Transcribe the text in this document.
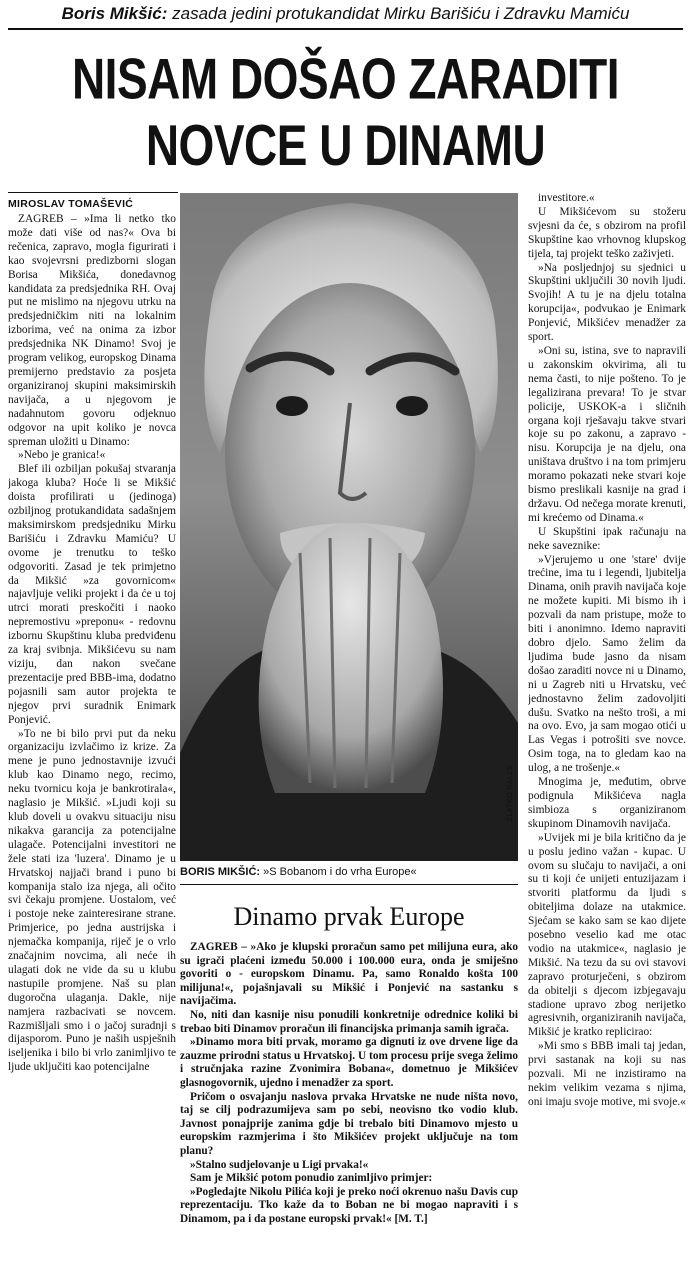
Boris Mikšić: zasada jedini protukandidat Mirku Barišiću i Zdravku Mamiću
NISAM DOŠAO ZARADITI
NOVCE U DINAMU
MIROSLAV TOMAŠEVIĆ

ZAGREB – »Ima li netko tko može dati više od nas?« Ova bi rečenica, zapravo, mogla figurirati i kao svojevrsni predizborni slogan Borisa Mikšića, donedavnog kandidata za predsjednika RH. Ovaj put ne mislimo na njegovu utrku na predsjedničkim niti na lokalnim izborima, već na onima za izbor predsjednika NK Dinamo! Svoj je program velikog, europskog Dinama premijerno predstavio za posjeta organiziranoj skupini maksimirskih navijača, a u njegovom je nadahnutom govoru odjeknuo odgovor na upit koliko je novca spreman uložiti u Dinamo:

»Nebo je granica!«

Blef ili ozbiljan pokušaj stvaranja jakoga kluba? Hoće li se Mikšić doista profilirati u (jedinoga) ozbiljnog protukandidata sadašnjem maksimirskom predsjedniku Mirku Barišiću i Zdravku Mamiću? U ovome je trenutku to teško odgovoriti. Zasad je tek primjetno da Mikšić »za govornicom« najavljuje veliki projekt i da će u toj utrci morati preskočiti i naoko nepremostivu »preponu« - redovnu izbornu Skupštinu kluba predviđenu za kraj svibnja. Mikšićevu su nam viziju, dan nakon svečane prezentacije pred BBB-ima, dodatno pojasnili sam autor projekta te njegov prvi suradnik Enimark Ponjević.

»To ne bi bilo prvi put da neku organizaciju izvlačimo iz krize. Za mene je puno jednostavnije izvući klub kao Dinamo nego, recimo, neku tvornicu koja je bankrotirala«, naglasio je Mikšić. »Ljudi koji su klub doveli u ovakvu situaciju nisu nikakva garancija za potencijalne ulagače. Potencijalni investitori ne žele stati iza 'luzera'. Dinamo je u Hrvatskoj najjači brand i puno bi kompanija stalo iza njega, ali očito svi čekaju promjene. Uostalom, već i postoje neke zainteresirane strane. Primjerice, po jedna austrijska i njemačka kompanija, riječ je o vrlo značajnim novcima, ali neće ih ulagati dok ne vide da su u klubu nastupile promjene. Naš su plan dugoročna ulaganja. Dakle, nije namjera razbacivati se novcem. Razmišljali smo i o jačoj suradnji s dijasporom. Puno je naših uspješnih iseljenika i bilo bi vrlo zanimljivo te ljude uključiti kao potencijalne

ZLATKO KALLE
BORIS MIKŠIĆ: »S Bobanom i do vrha Europe«
Dinamo prvak Europe

ZAGREB – »Ako je klupski proračun samo pet milijuna eura, ako su igrači plaćeni između 50.000 i 100.000 eura, onda je smiješno govoriti o - europskom Dinamu. Pa, samo Ronaldo košta 100 milijuna!«, pojašnjavali su Mikšić i Ponjević na sastanku s navijačima.

No, niti dan kasnije nisu ponudili konkretnije odrednice koliki bi trebao biti Dinamov proračun ili financijska primanja samih igrača.

»Dinamo mora biti prvak, moramo ga dignuti iz ove drvene lige da zauzme prirodni status u Hrvatskoj. U tom procesu prije svega želimo i stručnjaka razine Zvonimira Bobana«, dometnuo je Mikšićev glasnogovornik, ujedno i menadžer za sport.

Pričom o osvajanju naslova prvaka Hrvatske ne nude ništa novo, taj se cilj podrazumijeva sam po sebi, neovisno tko vodio klub. Javnost ponajprije zanima gdje bi trebalo biti Dinamovo mjesto u europskim razmjerima i što Mikšićev projekt uključuje na tom planu?

»Stalno sudjelovanje u Ligi prvaka!«

Sam je Mikšić potom ponudio zanimljivo primjer:

»Pogledajte Nikolu Pilića koji je preko noći okrenuo našu Davis cup reprezentaciju. Tko kaže da to Boban ne bi mogao napraviti i s Dinamom, pa i da postane europski prvak!« [M. T.]

investitore.«

U Mikšićevom su stožeru svjesni da će, s obzirom na profil Skupštine kao vrhovnog klupskog tijela, taj projekt teško zaživjeti.

»Na posljednjoj su sjednici u Skupštini uključili 30 novih ljudi. Svojih! A tu je na djelu totalna korupcija«, podvukao je Enimark Ponjević, Mikšićev menadžer za sport.

»Oni su, istina, sve to napravili u zakonskim okvirima, ali tu nema časti, to nije pošteno. To je legalizirana prevara! To je stvar policije, USKOK-a i sličnih organa koji rješavaju takve stvari koje su po zakonu, a zapravo - nisu. Korupcija je na djelu, ona uništava društvo i na tom primjeru moramo pokazati neke stvari koje bismo preslikali kasnije na grad i državu. Od nečega morate krenuti, mi krećemo od Dinama.«

U Skupštini ipak računaju na neke saveznike:

»Vjerujemo u one 'stare' dvije trećine, ima tu i legendi, ljubitelja Dinama, onih pravih navijača koje ne možete kupiti. Mi bismo ih i pozvali da nam pristupe, može to biti i anonimno. Idemo napraviti dobro djelo. Samo želim da ljudima bude jasno da nisam došao zaraditi novce ni u Dinamo, ni u Zagreb niti u Hrvatsku, već jednostavno želim zadovoljiti dušu. Svatko na nešto troši, a mi na ovo. Evo, ja sam mogao otići u Las Vegas i potrošiti sve novce. Osim toga, na to gledam kao na ulog, a ne trošenje.«

Mnogima je, međutim, obrve podignula Mikšićeva nagla simbioza s organiziranom skupinom Dinamovih navijača.

»Uvijek mi je bila kritično da je u poslu jedino važan - kupac. U ovom su slučaju to navijači, a oni su ti koji će unijeti entuzijazam i stvoriti platformu da ljudi s obiteljima dolaze na utakmice. Sjećam se kako sam se kao dijete posebno veselio kad me otac vodio na utakmice«, naglasio je Mikšić. Na tezu da su ovi stavovi zapravo proturječeni, s obzirom da obitelji s djecom izbjegavaju stadione upravo zbog nerijetko agresivnih, organiziranih navijača, Mikšić je kratko replicirao:

»Mi smo s BBB imali taj jedan, prvi sastanak na koji su nas pozvali. Mi ne inzistiramo na nekim velikim vezama s njima, oni imaju svoje motive, mi svoje.«
